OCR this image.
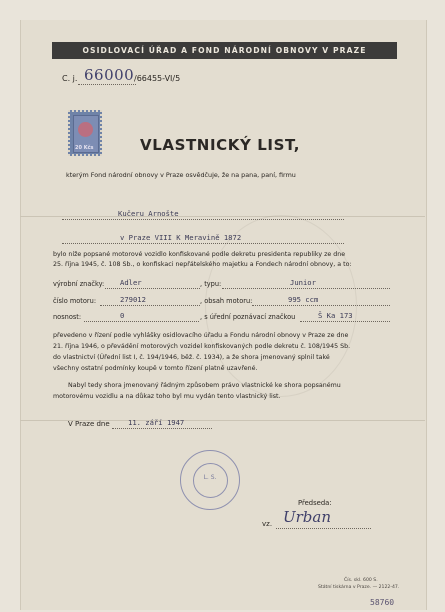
OSIDLOVACÍ ÚŘAD A FOND NÁRODNÍ OBNOVY V PRAZE
C. j. 66000 /66455-VI/5
20 Kčs	VLASTNICKÝ LIST,
kterým Fond národní obnovy v Praze osvědčuje, že na pana, paní, firmu
Kučeru Arnošte
v Praze VIII K Meravině 1872
bylo níže popsané motorové vozidlo konfiskované podle dekretu presidenta republiky ze dne
25. října 1945, č. 108 Sb., o konfiskaci nepřátelského majetku a Fondech národní obnovy, a to:
výrobní značky: Adler	, typu:	Junior
číslo motoru:	279012	, obsah motoru:	995 ccm
nosnost:	0	, s úřední poznávací značkou	Š Ka 173
převedeno v řízení podle vyhlášky osidlovacího úřadu a Fondu národní obnovy v Praze ze dne
21. října 1946, o převádění motorových vozidel konfiskovaných podle dekretu č. 108/1945 Sb.
do vlastnictví (Úřední list I, č. 194/1946, běž. č. 1934), a že shora jmenovaný splnil také
všechny ostatní podmínky koupě v tomto řízení platně uzavřené.
Nabyl tedy shora jmenovaný řádným způsobem právo vlastnické ke shora popsanému
motorovému vozidlu a na důkaz toho byl mu vydán tento vlastnický list.
V Praze dne	11. září 1947
L. S.
Předseda:
vz. Urban
Čís. skl. 600 S.
Státní tiskárna v Praze. — 2122-47.
58760
